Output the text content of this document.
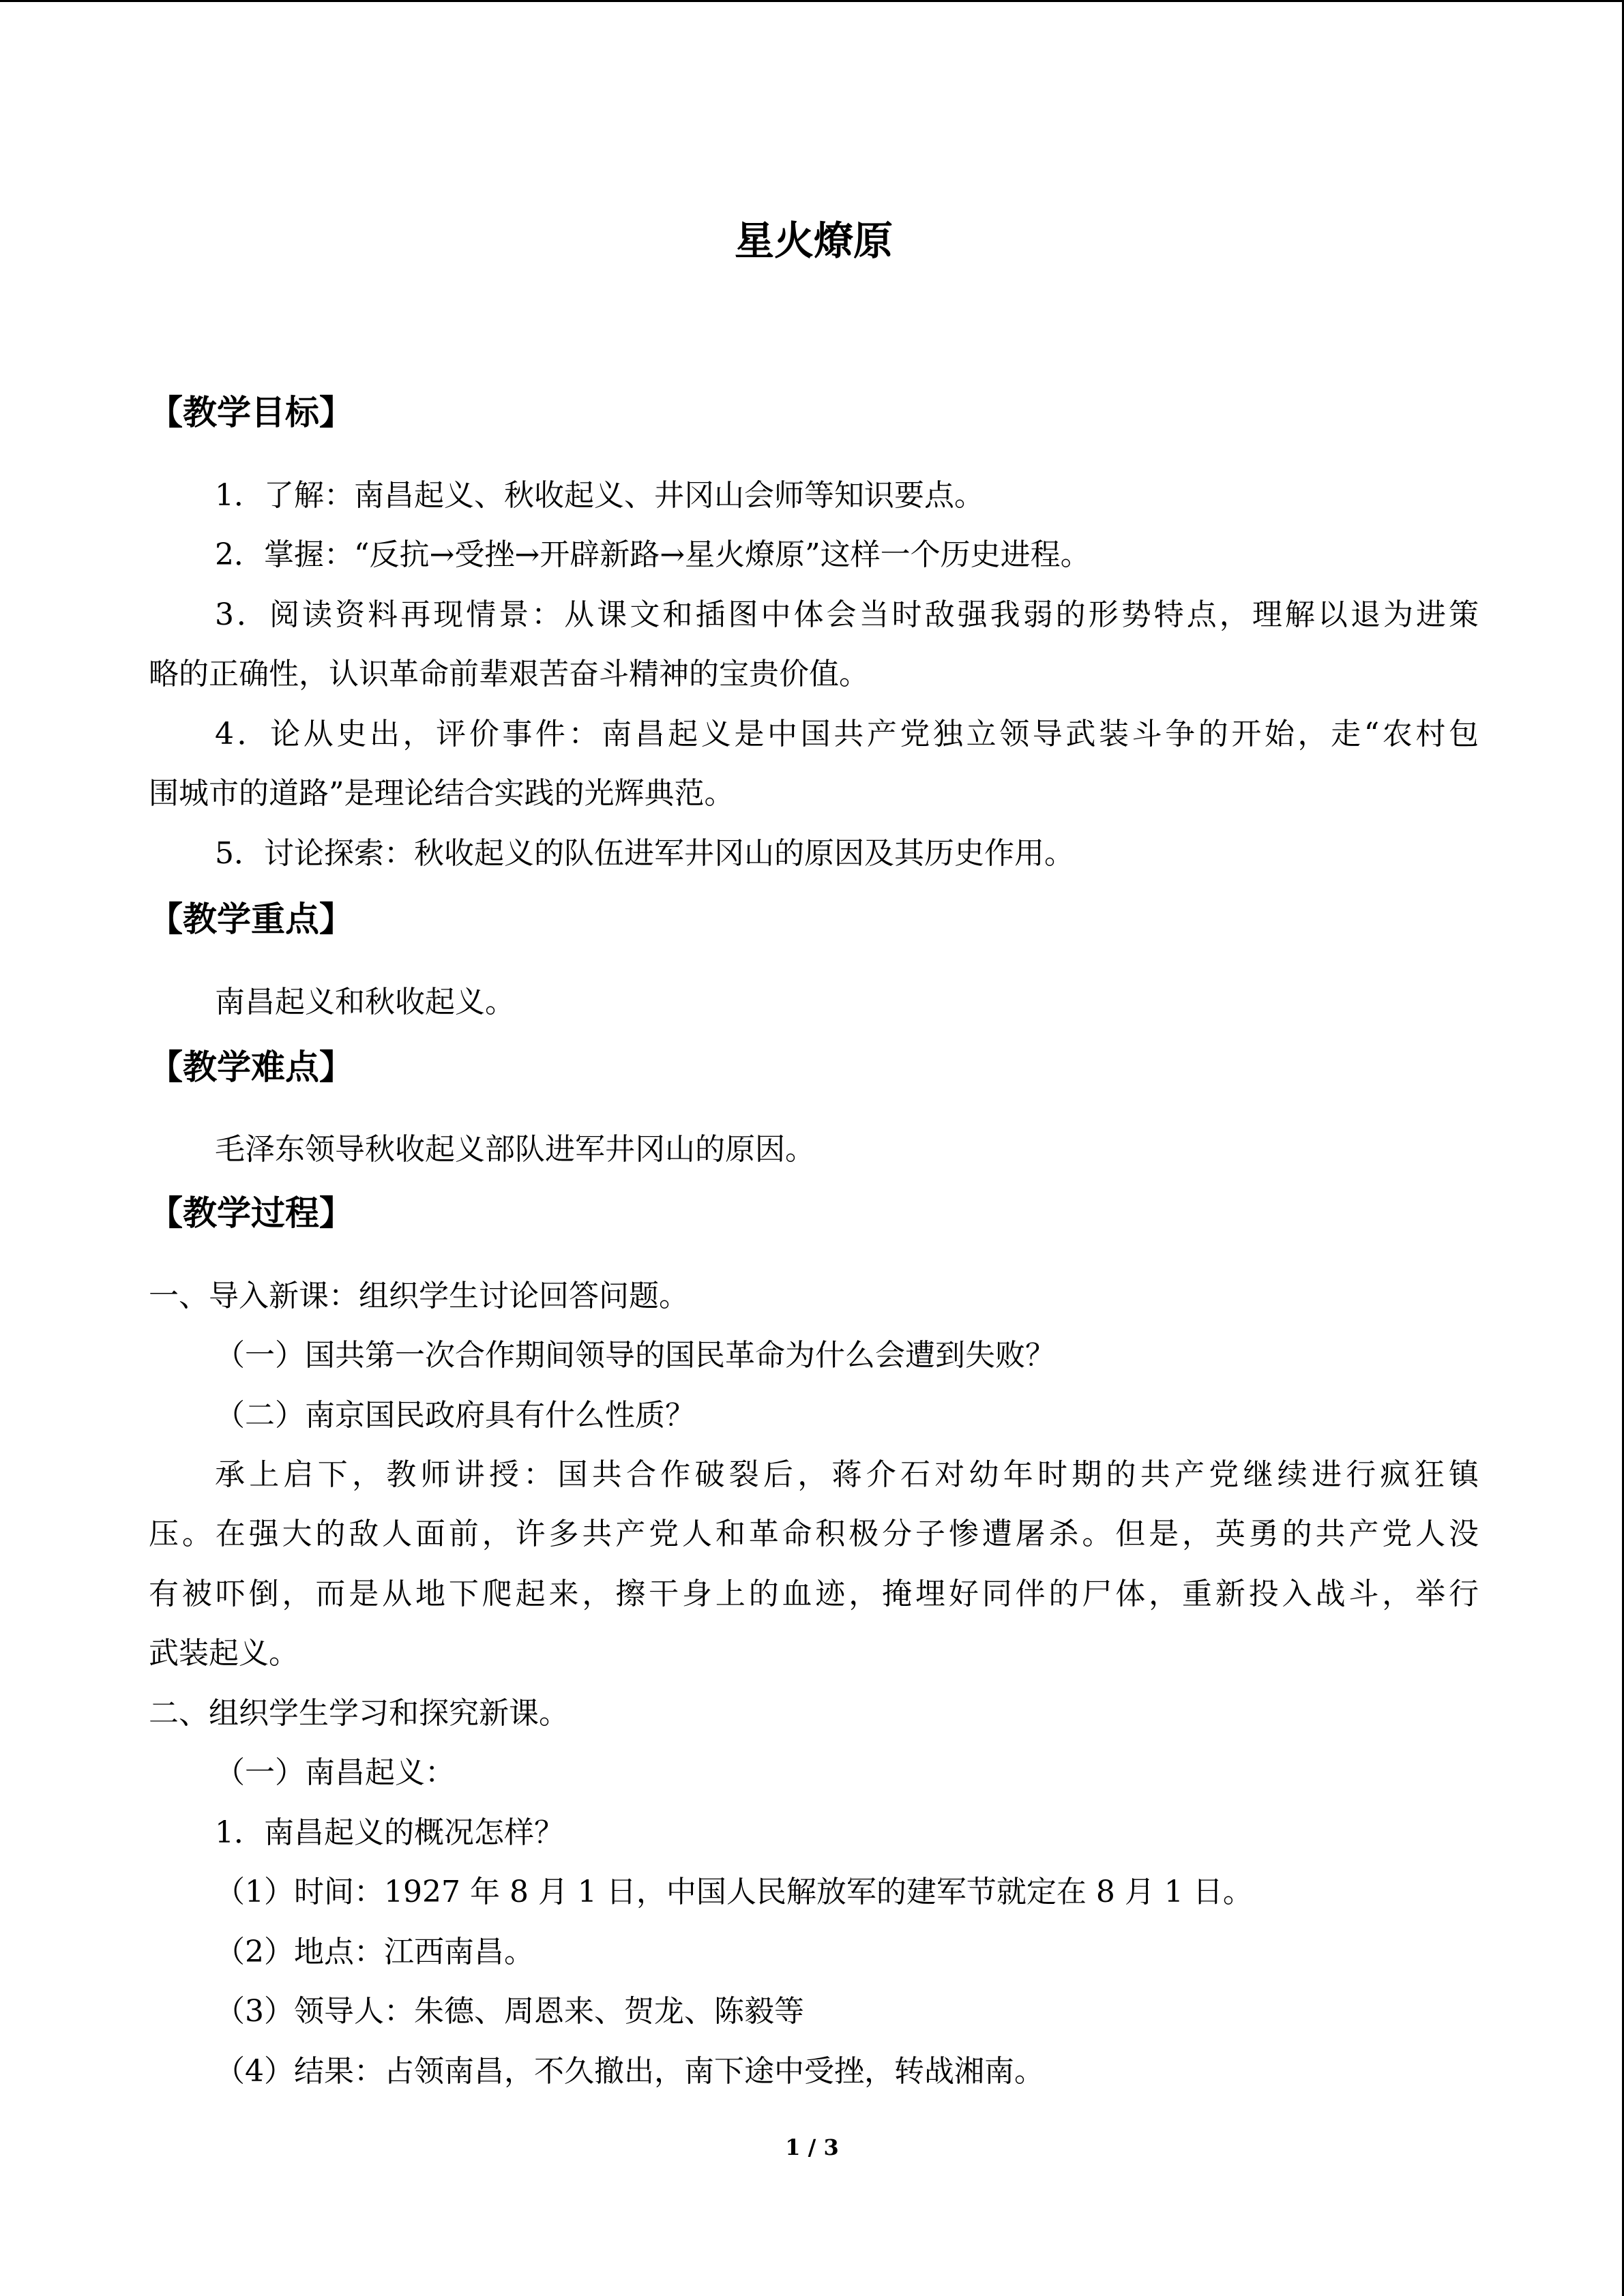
星火燎原
【教学目标】
1．了解：南昌起义、秋收起义、井冈山会师等知识要点。
2．掌握：“反抗→受挫→开辟新路→星火燎原”这样一个历史进程。
3．阅读资料再现情景：从课文和插图中体会当时敌强我弱的形势特点，理解以退为进策
略的正确性，认识革命前辈艰苦奋斗精神的宝贵价值。
4．论从史出，评价事件：南昌起义是中国共产党独立领导武装斗争的开始，走“农村包
围城市的道路”是理论结合实践的光辉典范。
5．讨论探索：秋收起义的队伍进军井冈山的原因及其历史作用。
【教学重点】
南昌起义和秋收起义。
【教学难点】
毛泽东领导秋收起义部队进军井冈山的原因。
【教学过程】
一、导入新课：组织学生讨论回答问题。
（一）国共第一次合作期间领导的国民革命为什么会遭到失败？
（二）南京国民政府具有什么性质？
承上启下，教师讲授：国共合作破裂后，蒋介石对幼年时期的共产党继续进行疯狂镇
压。在强大的敌人面前，许多共产党人和革命积极分子惨遭屠杀。但是，英勇的共产党人没
有被吓倒，而是从地下爬起来，擦干身上的血迹，掩埋好同伴的尸体，重新投入战斗，举行
武装起义。
二、组织学生学习和探究新课。
（一）南昌起义：
1．南昌起义的概况怎样？
（1）时间：1927 年 8 月 1 日，中国人民解放军的建军节就定在 8 月 1 日。
（2）地点：江西南昌。
（3）领导人：朱德、周恩来、贺龙、陈毅等
（4）结果：占领南昌，不久撤出，南下途中受挫，转战湘南。
1 / 3
